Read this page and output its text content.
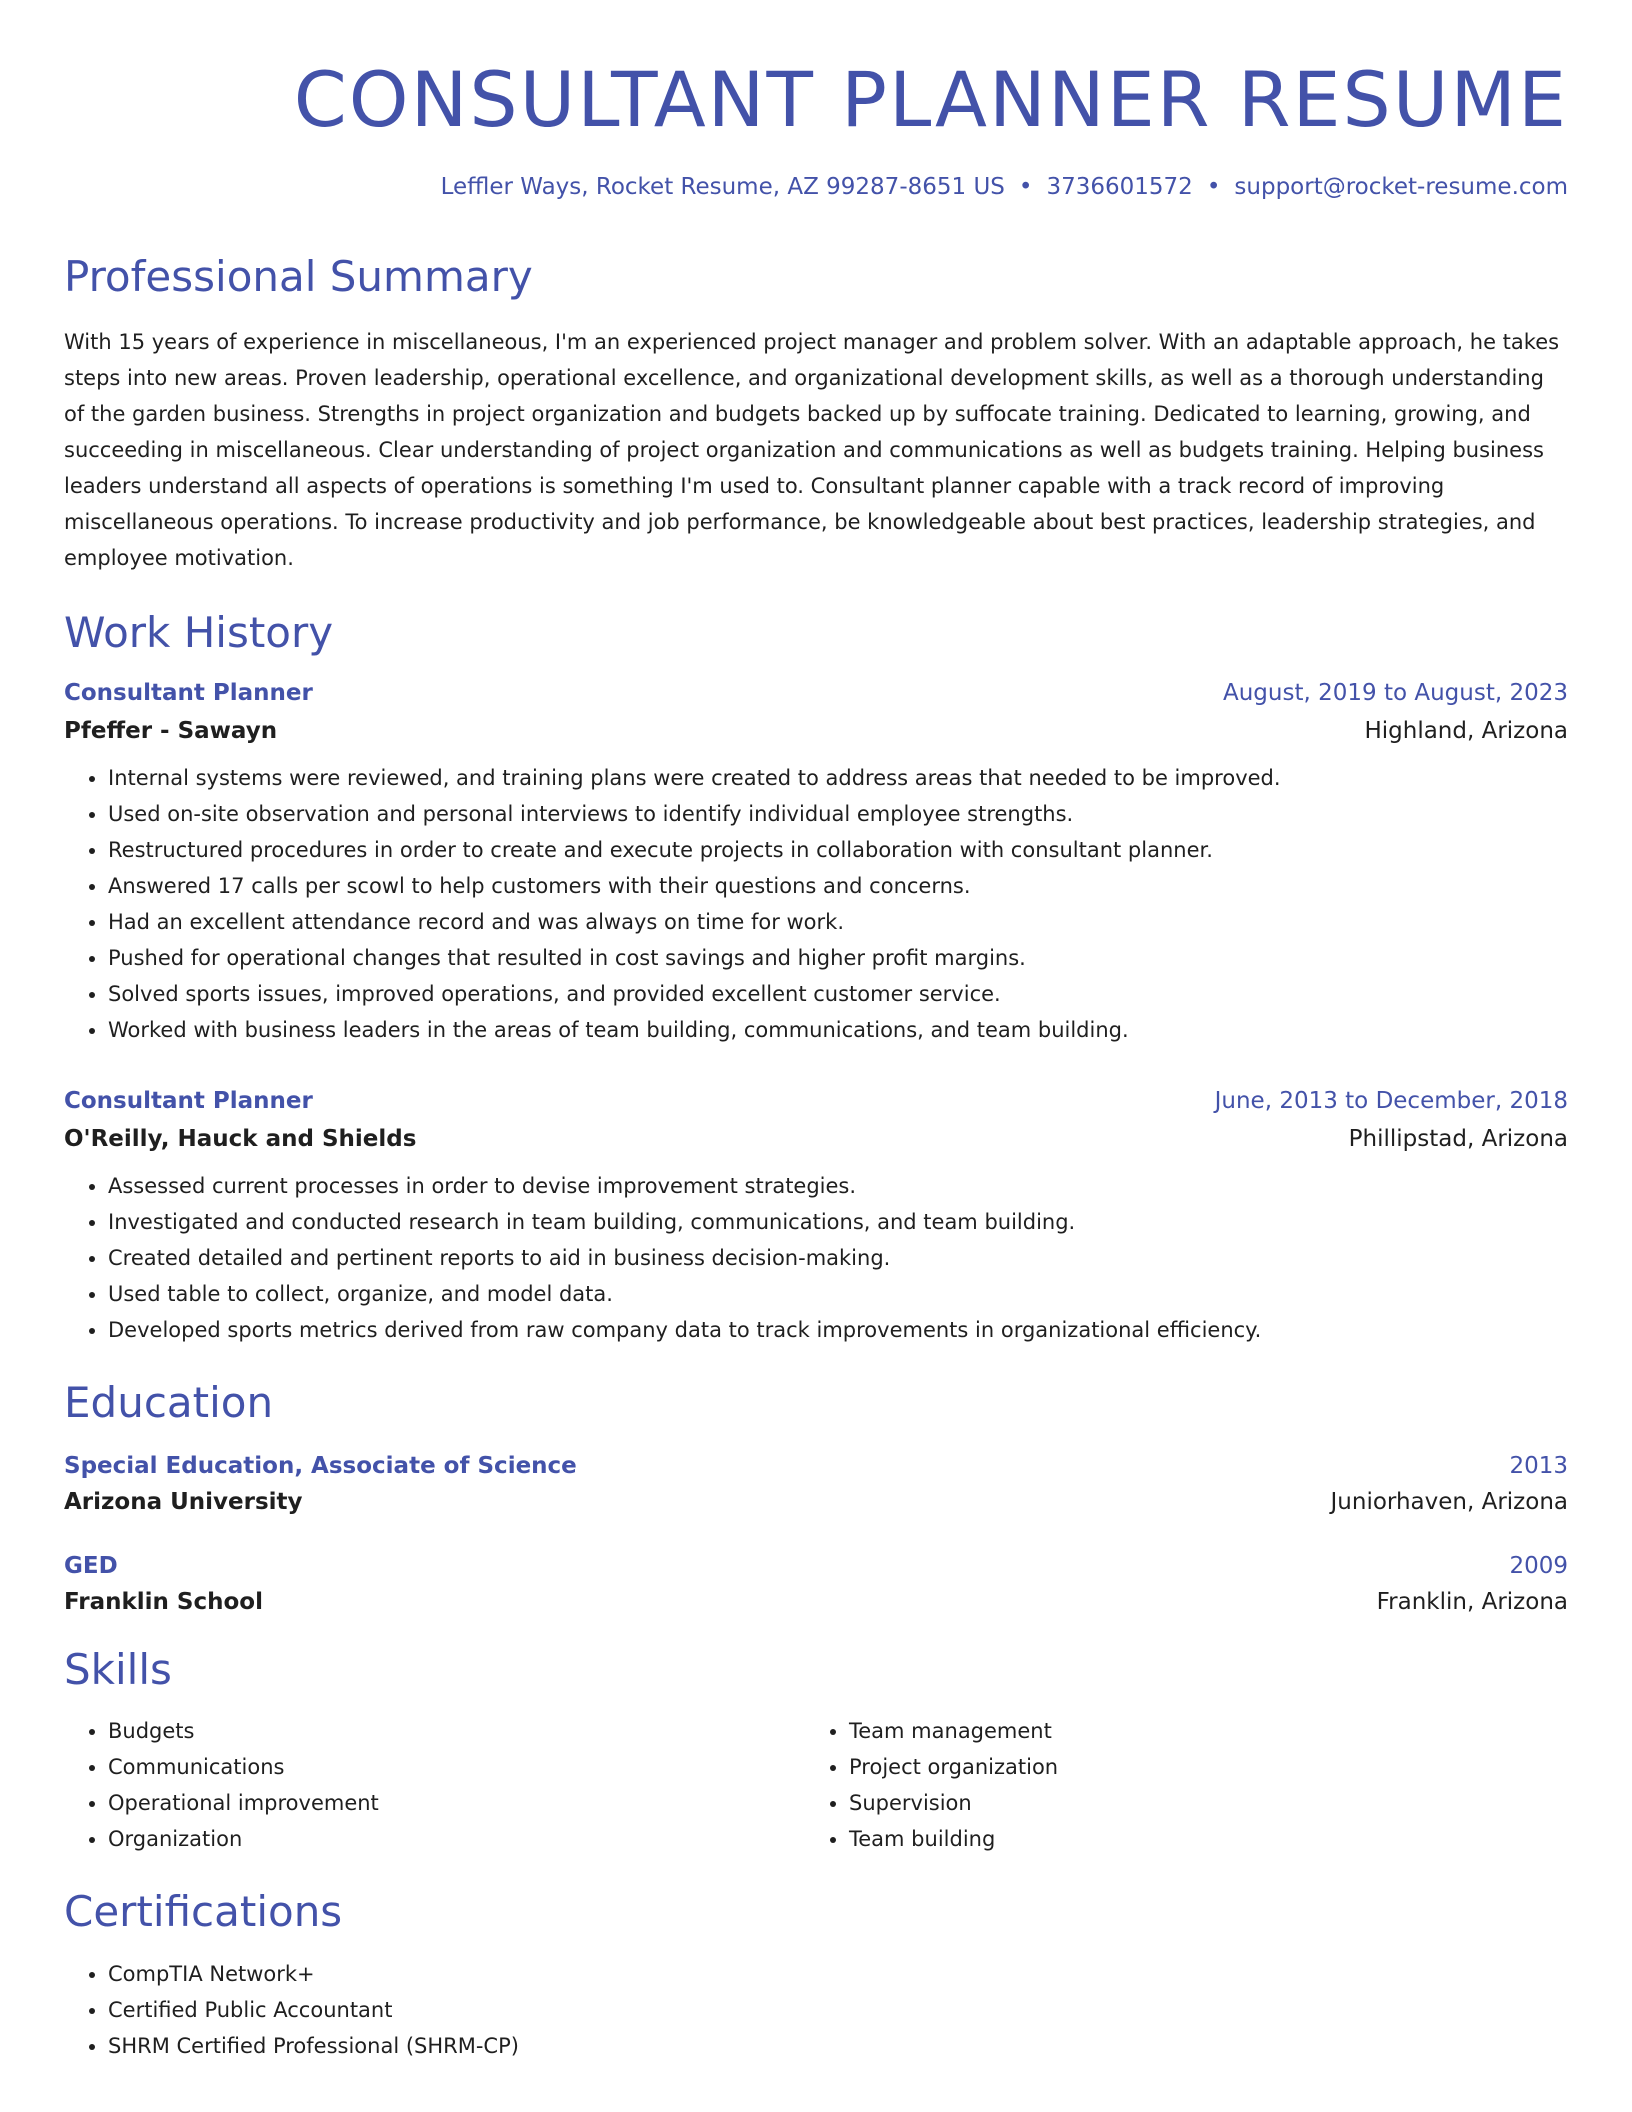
CONSULTANT PLANNER RESUME
Leffler Ways, Rocket Resume, AZ 99287-8651 US • 3736601572 • support@rocket-resume.com
Professional Summary

With 15 years of experience in miscellaneous, I'm an experienced project manager and problem solver. With an adaptable approach, he takes steps into new areas. Proven leadership, operational excellence, and organizational development skills, as well as a thorough understanding of the garden business. Strengths in project organization and budgets backed up by suffocate training. Dedicated to learning, growing, and succeeding in miscellaneous. Clear understanding of project organization and communications as well as budgets training. Helping business leaders understand all aspects of operations is something I'm used to. Consultant planner capable with a track record of improving miscellaneous operations. To increase productivity and job performance, be knowledgeable about best practices, leadership strategies, and employee motivation.

Work History
Consultant Planner	August, 2019 to August, 2023
Pfeffer - Sawayn	Highland, Arizona
• Internal systems were reviewed, and training plans were created to address areas that needed to be improved.
• Used on-site observation and personal interviews to identify individual employee strengths.
• Restructured procedures in order to create and execute projects in collaboration with consultant planner.
• Answered 17 calls per scowl to help customers with their questions and concerns.
• Had an excellent attendance record and was always on time for work.
• Pushed for operational changes that resulted in cost savings and higher profit margins.
• Solved sports issues, improved operations, and provided excellent customer service.
• Worked with business leaders in the areas of team building, communications, and team building.
Consultant Planner	June, 2013 to December, 2018
O'Reilly, Hauck and Shields	Phillipstad, Arizona
• Assessed current processes in order to devise improvement strategies.
• Investigated and conducted research in team building, communications, and team building.
• Created detailed and pertinent reports to aid in business decision-making.
• Used table to collect, organize, and model data.
• Developed sports metrics derived from raw company data to track improvements in organizational efficiency.
Education
Special Education, Associate of Science	2013
Arizona University	Juniorhaven, Arizona
GED	2009
Franklin School	Franklin, Arizona
Skills
• Budgets
• Communications
• Operational improvement
• Organization
• Team management
• Project organization
• Supervision
• Team building
Certifications
• CompTIA Network+
• Certified Public Accountant
• SHRM Certified Professional (SHRM-CP)
